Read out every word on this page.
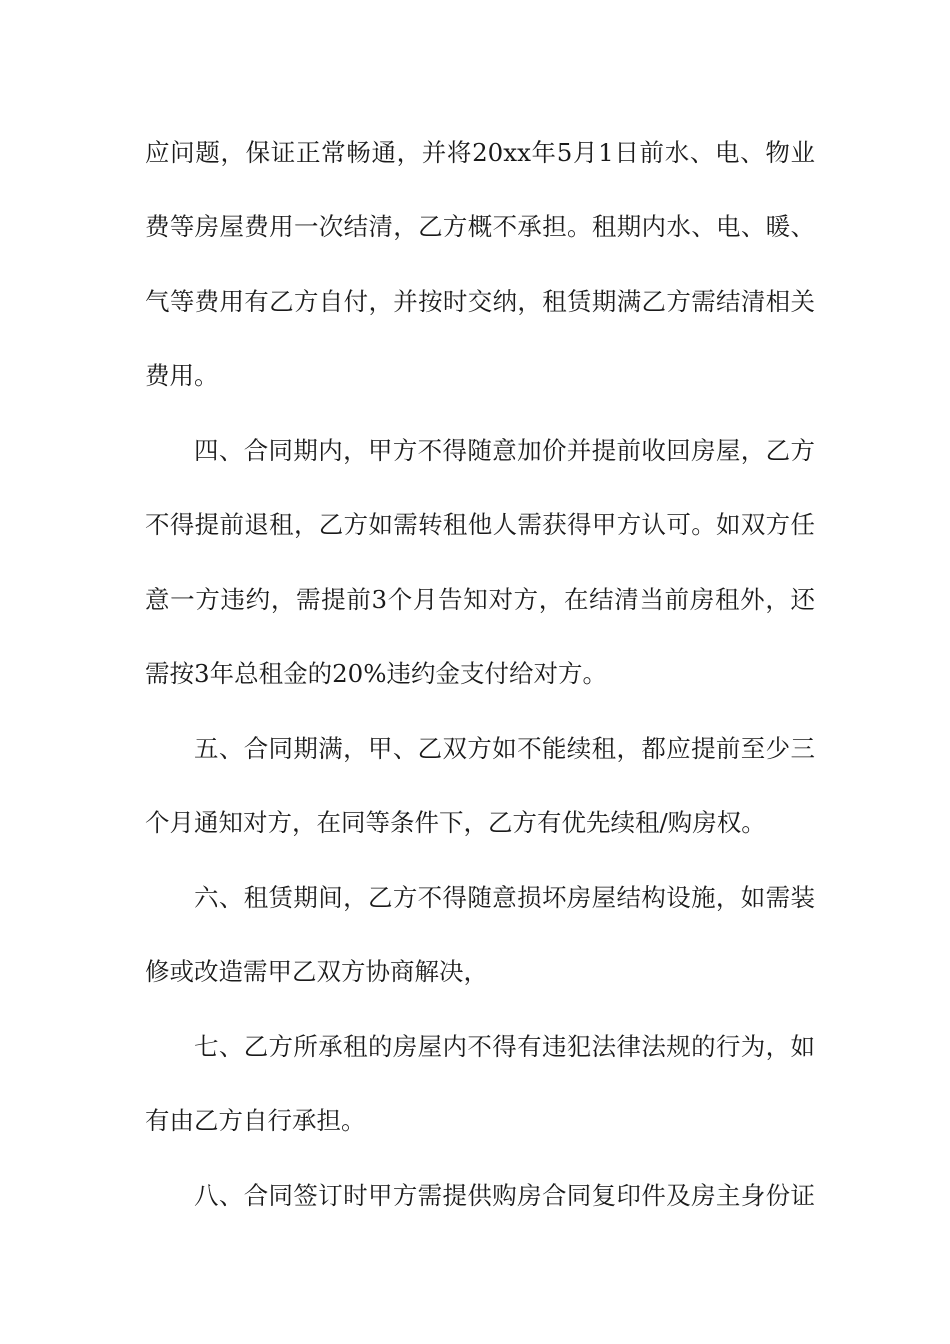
应问题，保证正常畅通，并将20xx年5月1日前水、电、物业
费等房屋费用一次结清，乙方概不承担。租期内水、电、暖、
气等费用有乙方自付，并按时交纳，租赁期满乙方需结清相关
费用。
四、合同期内，甲方不得随意加价并提前收回房屋，乙方
不得提前退租，乙方如需转租他人需获得甲方认可。如双方任
意一方违约，需提前3个月告知对方，在结清当前房租外，还
需按3年总租金的20%违约金支付给对方。
五、合同期满，甲、乙双方如不能续租，都应提前至少三
个月通知对方，在同等条件下，乙方有优先续租/购房权。
六、租赁期间，乙方不得随意损坏房屋结构设施，如需装
修或改造需甲乙双方协商解决，
七、乙方所承租的房屋内不得有违犯法律法规的行为，如
有由乙方自行承担。
八、合同签订时甲方需提供购房合同复印件及房主身份证
